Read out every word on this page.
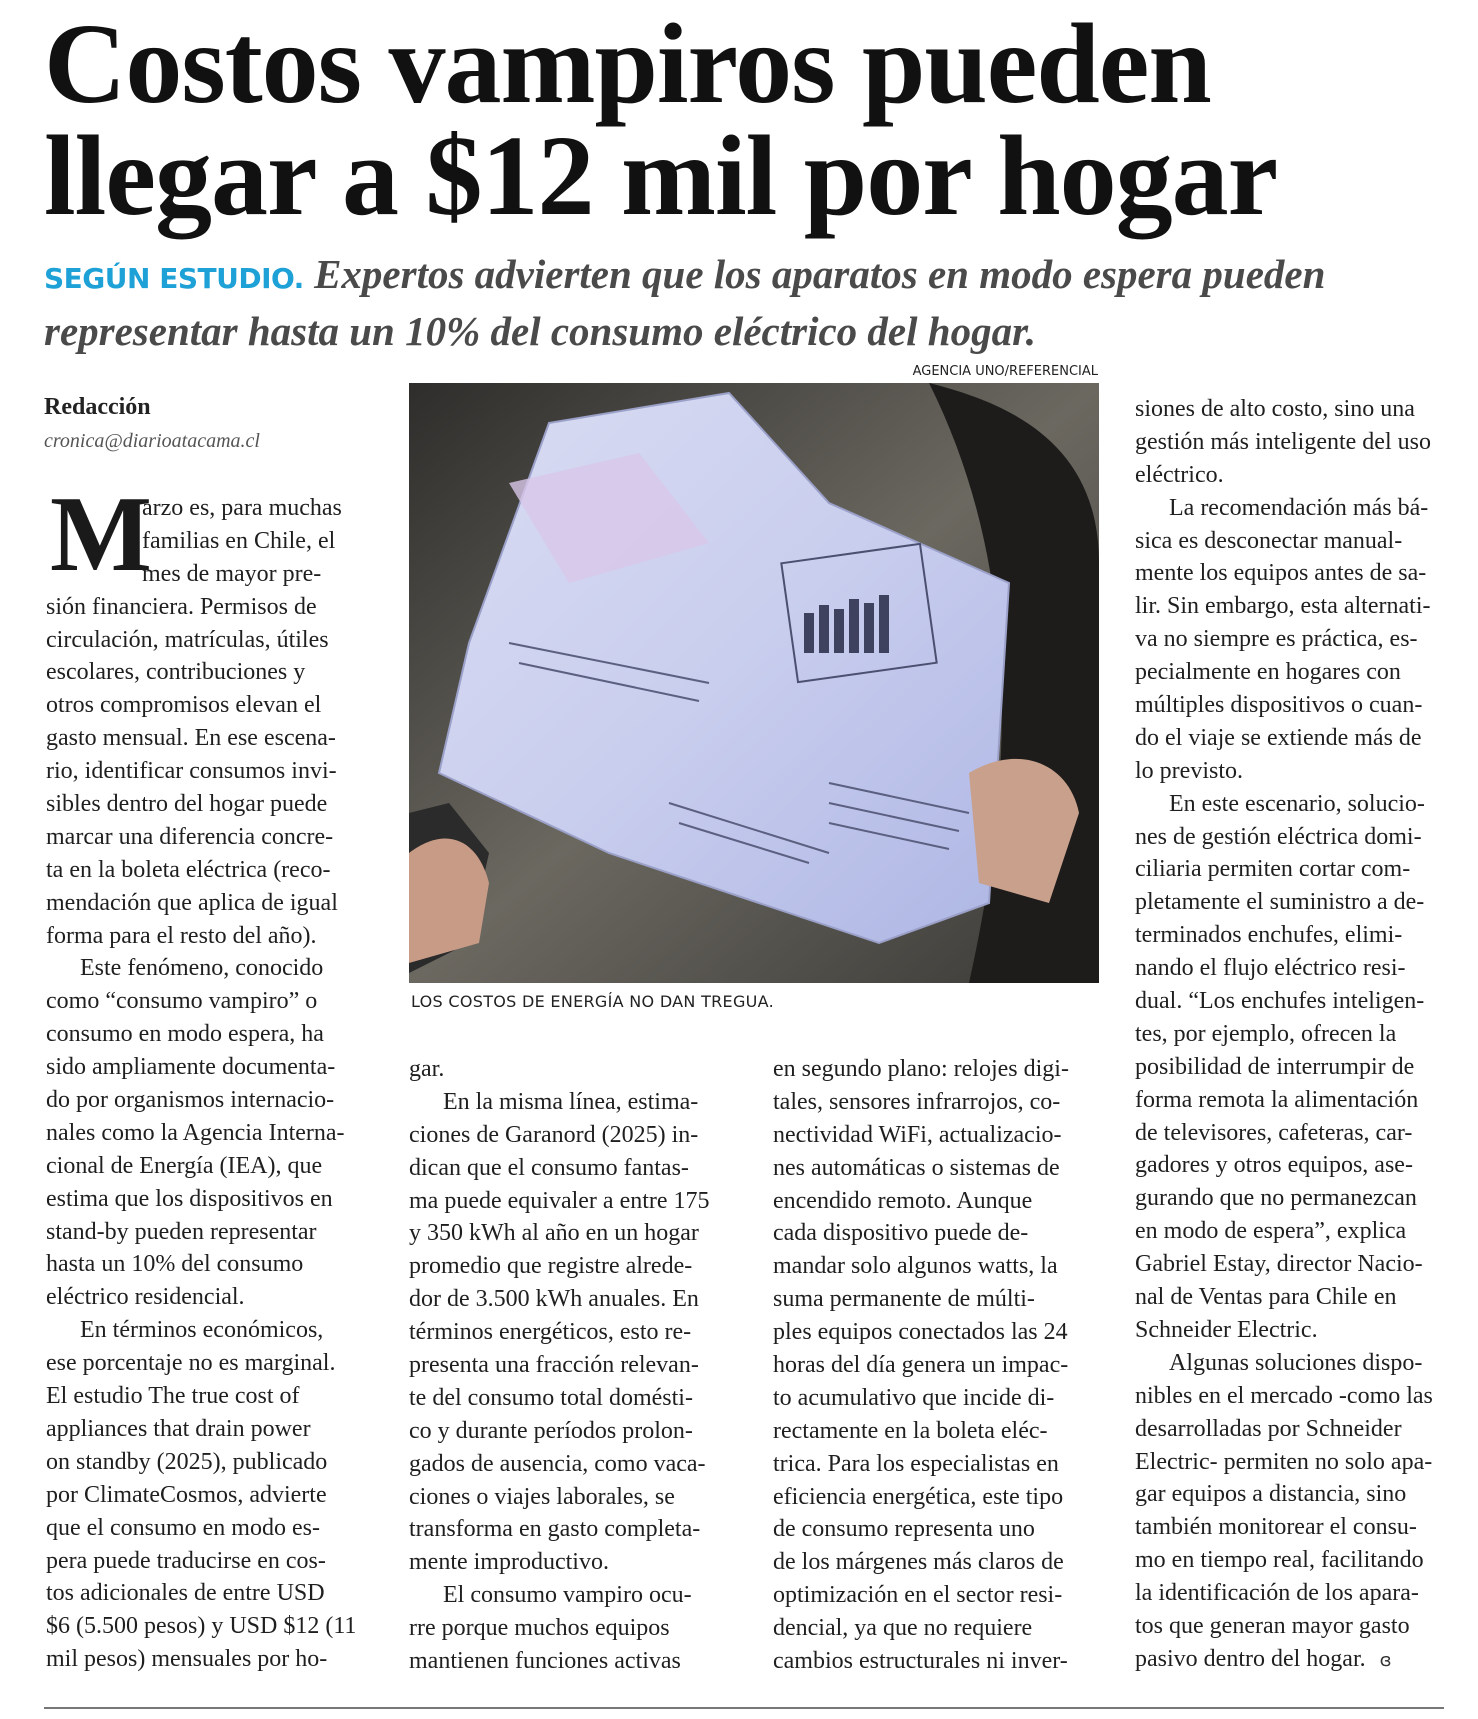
Costos vampiros pueden
llegar a $12 mil por hogar
SEGÚN ESTUDIO. Expertos advierten que los aparatos en modo espera pueden
representar hasta un 10% del consumo eléctrico del hogar.
AGENCIA UNO/REFERENCIAL
Redacción
cronica@diarioatacama.cl
M
arzo es, para muchas
familias en Chile, el
mes de mayor pre-
sión financiera. Permisos de
circulación, matrículas, útiles
escolares, contribuciones y
otros compromisos elevan el
gasto mensual. En ese escena-
rio, identificar consumos invi-
sibles dentro del hogar puede
marcar una diferencia concre-
ta en la boleta eléctrica (reco-
mendación que aplica de igual
forma para el resto del año).
Este fenómeno, conocido
como “consumo vampiro” o
consumo en modo espera, ha
sido ampliamente documenta-
do por organismos internacio-
nales como la Agencia Interna-
cional de Energía (IEA), que
estima que los dispositivos en
stand-by pueden representar
hasta un 10% del consumo
eléctrico residencial.
En términos económicos,
ese porcentaje no es marginal.
El estudio The true cost of
appliances that drain power
on standby (2025), publicado
por ClimateCosmos, advierte
que el consumo en modo es-
pera puede traducirse en cos-
tos adicionales de entre USD
$6 (5.500 pesos) y USD $12 (11
mil pesos) mensuales por ho-
gar.
En la misma línea, estima-
ciones de Garanord (2025) in-
dican que el consumo fantas-
ma puede equivaler a entre 175
y 350 kWh al año en un hogar
promedio que registre alrede-
dor de 3.500 kWh anuales. En
términos energéticos, esto re-
presenta una fracción relevan-
te del consumo total domésti-
co y durante períodos prolon-
gados de ausencia, como vaca-
ciones o viajes laborales, se
transforma en gasto completa-
mente improductivo.
El consumo vampiro ocu-
rre porque muchos equipos
mantienen funciones activas
en segundo plano: relojes digi-
tales, sensores infrarrojos, co-
nectividad WiFi, actualizacio-
nes automáticas o sistemas de
encendido remoto. Aunque
cada dispositivo puede de-
mandar solo algunos watts, la
suma permanente de múlti-
ples equipos conectados las 24
horas del día genera un impac-
to acumulativo que incide di-
rectamente en la boleta eléc-
trica. Para los especialistas en
eficiencia energética, este tipo
de consumo representa uno
de los márgenes más claros de
optimización en el sector resi-
dencial, ya que no requiere
cambios estructurales ni inver-
siones de alto costo, sino una
gestión más inteligente del uso
eléctrico.
La recomendación más bá-
sica es desconectar manual-
mente los equipos antes de sa-
lir. Sin embargo, esta alternati-
va no siempre es práctica, es-
pecialmente en hogares con
múltiples dispositivos o cuan-
do el viaje se extiende más de
lo previsto.
En este escenario, solucio-
nes de gestión eléctrica domi-
ciliaria permiten cortar com-
pletamente el suministro a de-
terminados enchufes, elimi-
nando el flujo eléctrico resi-
dual. “Los enchufes inteligen-
tes, por ejemplo, ofrecen la
posibilidad de interrumpir de
forma remota la alimentación
de televisores, cafeteras, car-
gadores y otros equipos, ase-
gurando que no permanezcan
en modo de espera”, explica
Gabriel Estay, director Nacio-
nal de Ventas para Chile en
Schneider Electric.
Algunas soluciones dispo-
nibles en el mercado -como las
desarrolladas por Schneider
Electric- permiten no solo apa-
gar equipos a distancia, sino
también monitorear el consu-
mo en tiempo real, facilitando
la identificación de los apara-
tos que generan mayor gasto
pasivo dentro del hogar. ɞ
LOS COSTOS DE ENERGÍA NO DAN TREGUA.
